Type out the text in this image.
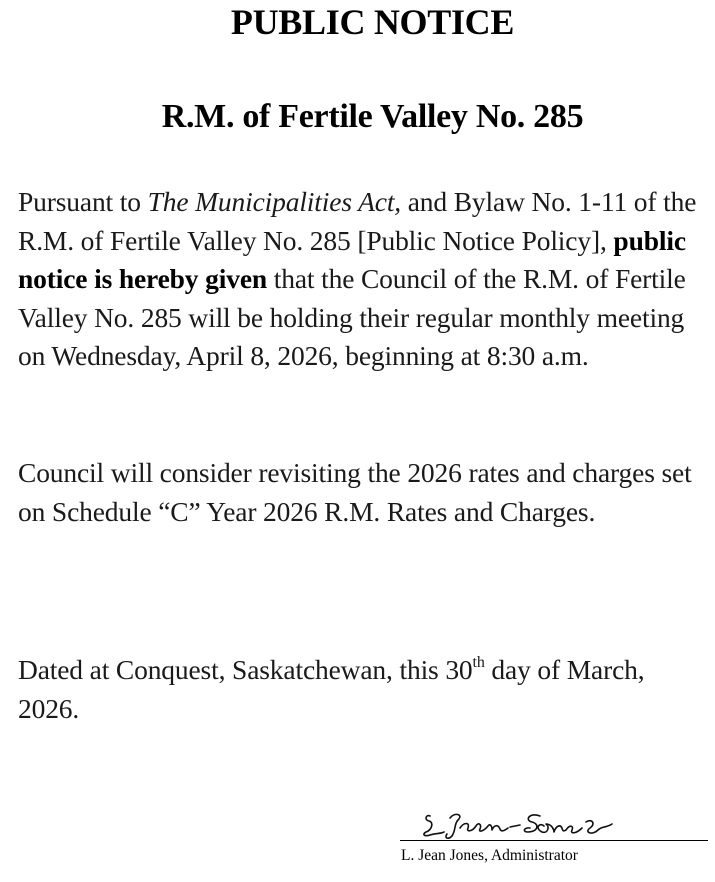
PUBLIC NOTICE
R.M. of Fertile Valley No. 285

Pursuant to The Municipalities Act, and Bylaw No. 1-11 of the R.M. of Fertile Valley No. 285 [Public Notice Policy], public notice is hereby given that the Council of the R.M. of Fertile Valley No. 285 will be holding their regular monthly meeting on Wednesday, April 8, 2026, beginning at 8:30 a.m.

Council will consider revisiting the 2026 rates and charges set on Schedule “C” Year 2026 R.M. Rates and Charges.

Dated at Conquest, Saskatchewan, this 30th day of March, 2026.

L. Jean Jones, Administrator
